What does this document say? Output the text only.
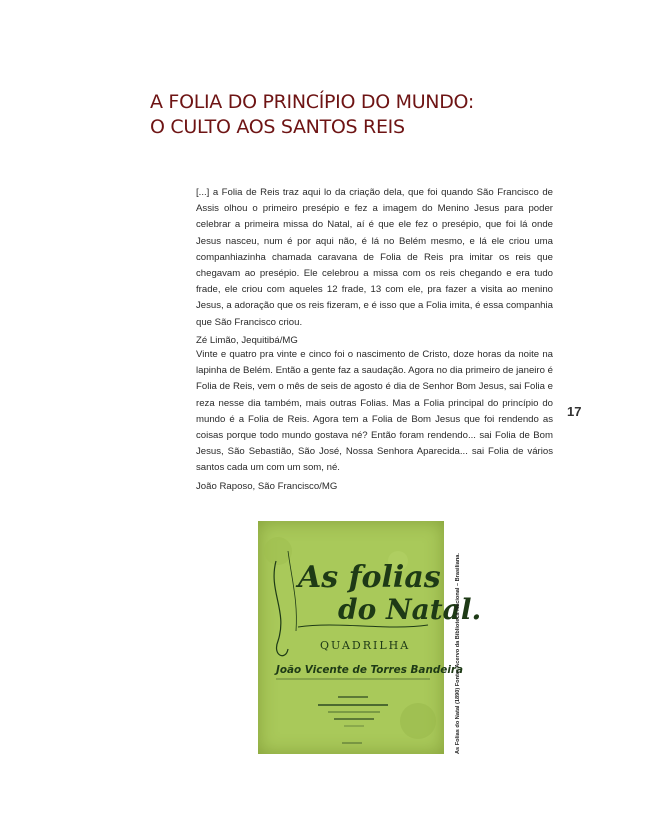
A FOLIA DO PRINCÍPIO DO MUNDO:
O CULTO AOS SANTOS REIS

[...] a Folia de Reis traz aqui lo da criação dela, que foi quando São Francisco de Assis olhou o primeiro presépio e fez a imagem do Menino Jesus para poder celebrar a primeira missa do Natal, aí é que ele fez o presépio, que foi lá onde Jesus nasceu, num é por aqui não, é lá no Belém mesmo, e lá ele criou uma companhiazinha chamada caravana de Folia de Reis pra imitar os reis que chegavam ao presépio. Ele celebrou a missa com os reis chegando e era tudo frade, ele criou com aqueles 12 frade, 13 com ele, pra fazer a visita ao menino Jesus, a adoração que os reis fizeram, e é isso que a Folia imita, é essa companhia que São Francisco criou.

Zé Limão, Jequitibá/MG

Vinte e quatro pra vinte e cinco foi o nascimento de Cristo, doze horas da noite na lapinha de Belém. Então a gente faz a saudação. Agora no dia primeiro de janeiro é Folia de Reis, vem o mês de seis de agosto é dia de Senhor Bom Jesus, sai Folia e reza nesse dia também, mais outras Folias. Mas a Folia principal do princípio do mundo é a Folia de Reis. Agora tem a Folia de Bom Jesus que foi rendendo as coisas porque todo mundo gostava né? Então foram rendendo... sai Folia de Bom Jesus, São Sebastião, São José, Nossa Senhora Aparecida... sai Folia de vários santos cada um com um som, né.

João Raposo, São Francisco/MG

17
As folias
do Natal.
QUADRILHA
João Vicente de Torres Bandeira
As Folias do Natal (1890) Fonte: Acervo da Biblioteca Nacional – Brasiliana.
